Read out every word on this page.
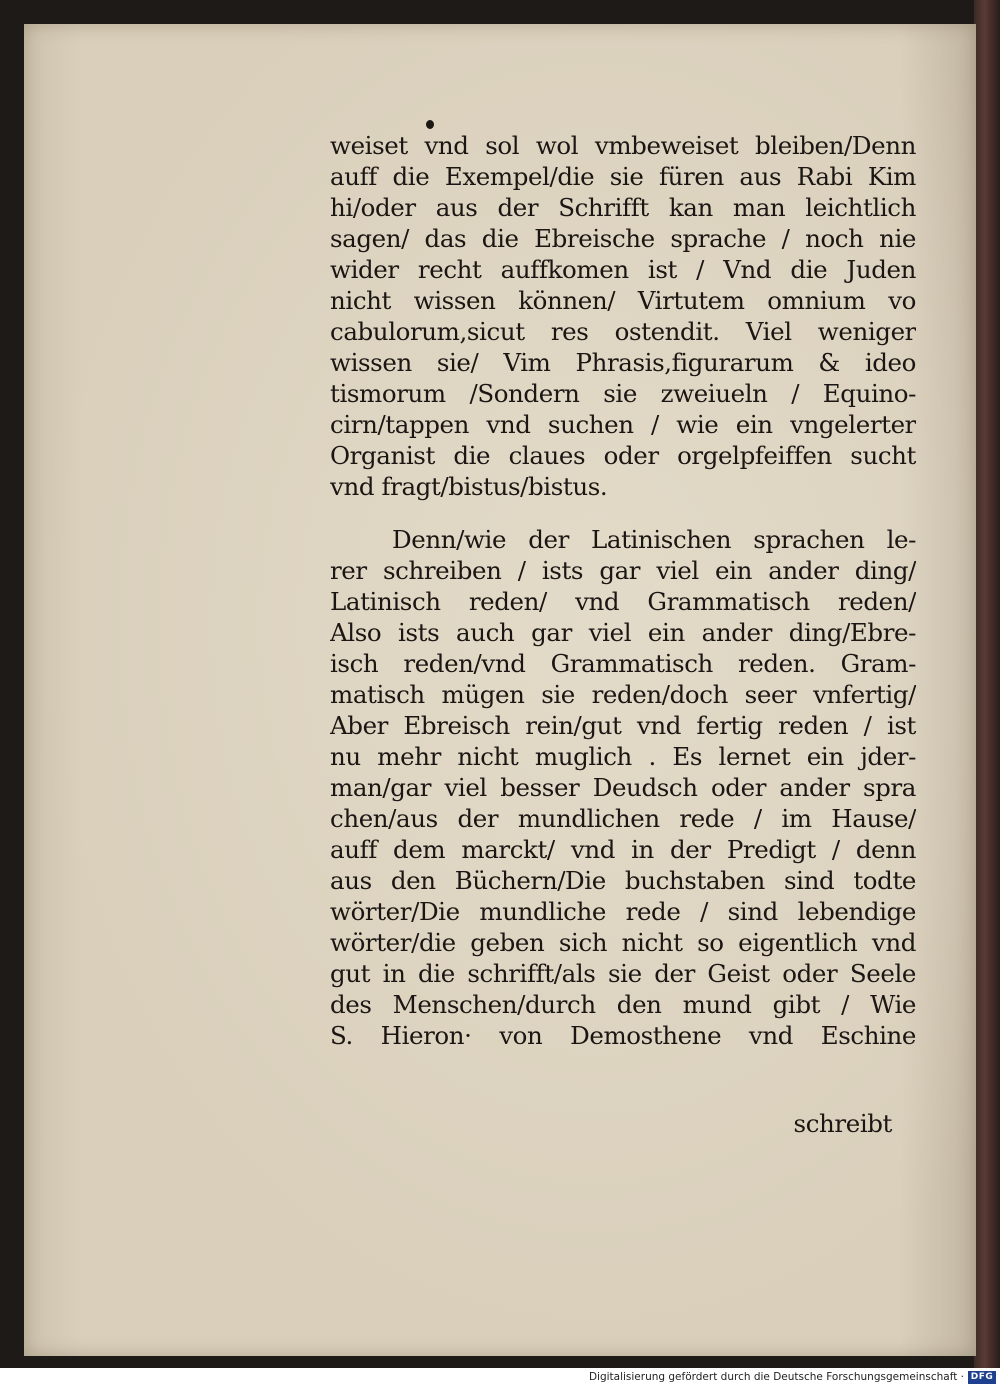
weiset vnd sol wol vmbeweiset bleiben/Denn
auff die Exempel/die sie füren aus Rabi Kim
hi/oder aus der Schrifft kan man leichtlich
sagen/ das die Ebreische sprache / noch nie
wider recht auffkomen ist / Vnd die Juden
nicht wissen können/ Virtutem omnium vo
cabulorum,sicut res ostendit. Viel weniger
wissen sie/ Vim Phrasis,figurarum & ideo
tismorum /Sondern sie zweiueln / Equino-
cirn/tappen vnd suchen / wie ein vngelerter
Organist die claues oder orgelpfeiffen sucht
vnd fragt/bistus/bistus.
Denn/wie der Latinischen sprachen le-
rer schreiben / ists gar viel ein ander ding/
Latinisch reden/ vnd Grammatisch reden/
Also ists auch gar viel ein ander ding/Ebre-
isch reden/vnd Grammatisch reden. Gram-
matisch mügen sie reden/doch seer vnfertig/
Aber Ebreisch rein/gut vnd fertig reden / ist
nu mehr nicht muglich . Es lernet ein jder-
man/gar viel besser Deudsch oder ander spra
chen/aus der mundlichen rede / im Hause/
auff dem marckt/ vnd in der Predigt / denn
aus den Büchern/Die buchstaben sind todte
wörter/Die mundliche rede / sind lebendige
wörter/die geben sich nicht so eigentlich vnd
gut in die schrifft/als sie der Geist oder Seele
des Menschen/durch den mund gibt / Wie
S. Hieron· von Demosthene vnd Eschine
schreibt
Digitalisierung gefördert durch die Deutsche Forschungsgemeinschaft · DFG
